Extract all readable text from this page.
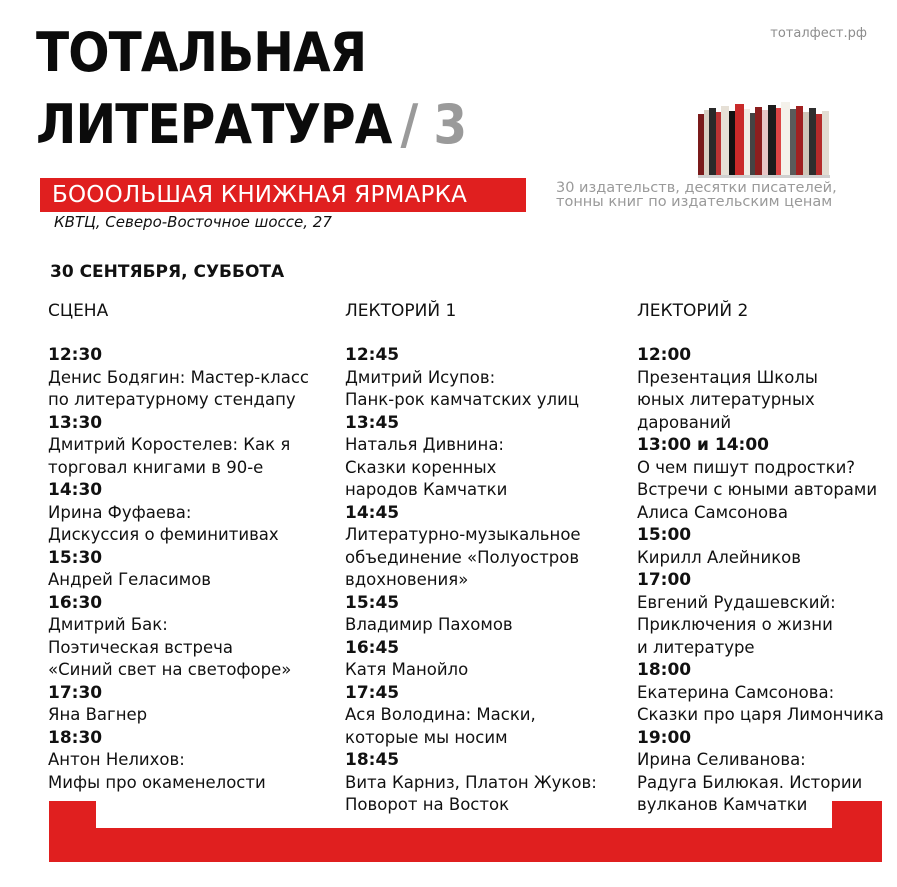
ТОТАЛЬНАЯ
ЛИТЕРАТУРА / 3
тоталфест.рф
БОООЛЬШАЯ КНИЖНАЯ ЯРМАРКА
КВТЦ, Северо-Восточное шоссе, 27
30 издательств, десятки писателей,
тонны книг по издательским ценам
30 СЕНТЯБРЯ, СУББОТА
СЦЕНА
12:30
Денис Бодягин: Мастер-класс
по литературному стендапу
13:30
Дмитрий Коростелев: Как я
торговал книгами в 90-е
14:30
Ирина Фуфаева:
Дискуссия о феминитивах
15:30
Андрей Геласимов
16:30
Дмитрий Бак:
Поэтическая встреча
«Синий свет на светофоре»
17:30
Яна Вагнер
18:30
Антон Нелихов:
Мифы про окаменелости
ЛЕКТОРИЙ 1
12:45
Дмитрий Исупов:
Панк-рок камчатских улиц
13:45
Наталья Дивнина:
Сказки коренных
народов Камчатки
14:45
Литературно-музыкальное
объединение «Полуостров
вдохновения»
15:45
Владимир Пахомов
16:45
Катя Манойло
17:45
Ася Володина: Маски,
которые мы носим
18:45
Вита Карниз, Платон Жуков:
Поворот на Восток
ЛЕКТОРИЙ 2
12:00
Презентация Школы
юных литературных
дарований
13:00 и 14:00
О чем пишут подростки?
Встречи с юными авторами
Алиса Самсонова
15:00
Кирилл Алейников
17:00
Евгений Рудашевский:
Приключения о жизни
и литературе
18:00
Екатерина Самсонова:
Сказки про царя Лимончика
19:00
Ирина Селиванова:
Радуга Билюкая. Истории
вулканов Камчатки
